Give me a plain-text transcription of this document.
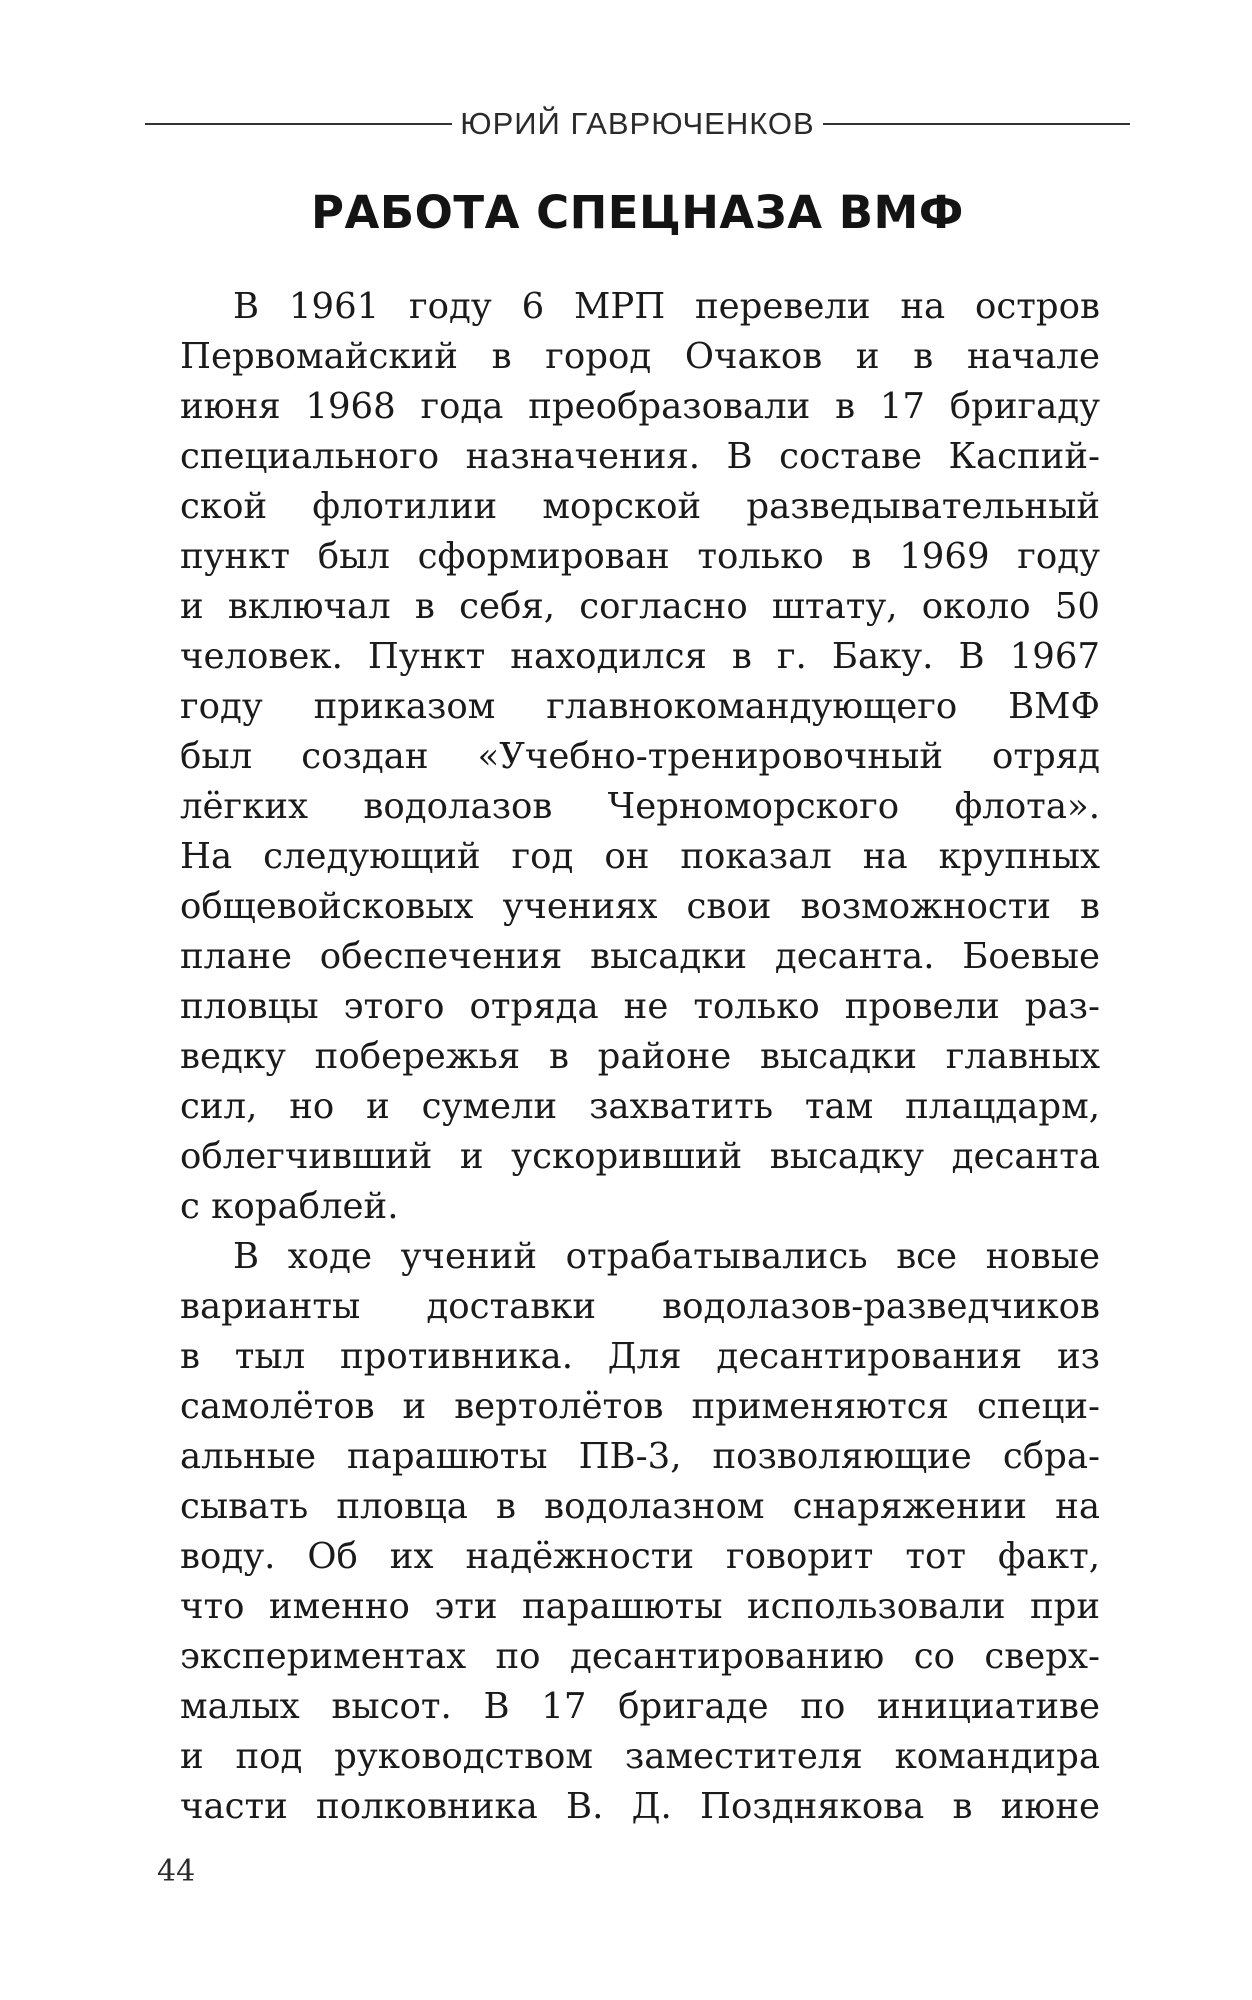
ЮРИЙ ГАВРЮЧЕНКОВ
РАБОТА СПЕЦНАЗА ВМФ
В 1961 году 6 МРП перевели на остров
Первомайский в город Очаков и в начале
июня 1968 года преобразовали в 17 бригаду
специального назначения. В составе Каспий-
ской флотилии морской разведывательный
пункт был сформирован только в 1969 году
и включал в себя, согласно штату, около 50
человек. Пункт находился в г. Баку. В 1967
году приказом главнокомандующего ВМФ
был создан «Учебно-тренировочный отряд
лёгких водолазов Черноморского флота».
На следующий год он показал на крупных
общевойсковых учениях свои возможности в
плане обеспечения высадки десанта. Боевые
пловцы этого отряда не только провели раз-
ведку побережья в районе высадки главных
сил, но и сумели захватить там плацдарм,
облегчивший и ускоривший высадку десанта
с кораблей.
В ходе учений отрабатывались все новые
варианты доставки водолазов-разведчиков
в тыл противника. Для десантирования из
самолётов и вертолётов применяются специ-
альные парашюты ПВ-3, позволяющие сбра-
сывать пловца в водолазном снаряжении на
воду. Об их надёжности говорит тот факт,
что именно эти парашюты использовали при
экспериментах по десантированию со сверх-
малых высот. В 17 бригаде по инициативе
и под руководством заместителя командира
части полковника В. Д. Позднякова в июне
44
